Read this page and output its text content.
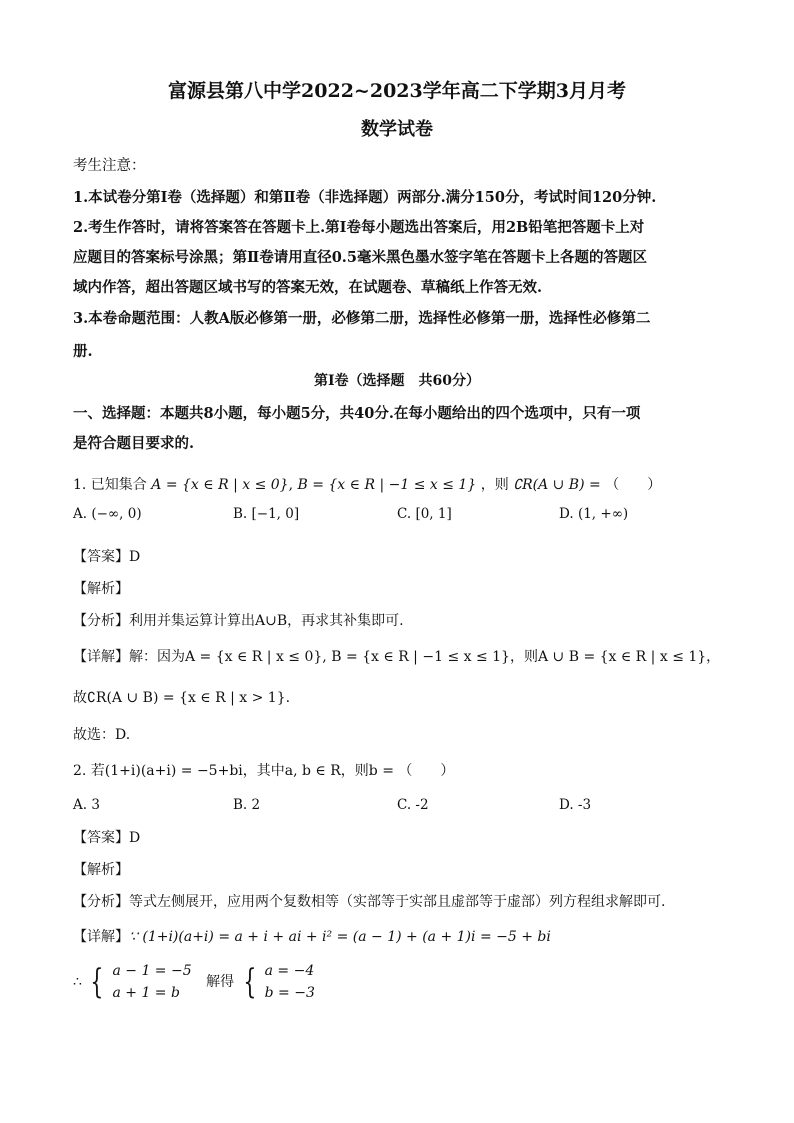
富源县第八中学2022~2023学年高二下学期3月月考
数学试卷
考生注意：
1.本试卷分第Ⅰ卷（选择题）和第Ⅱ卷（非选择题）两部分.满分150分，考试时间120分钟.
2.考生作答时，请将答案答在答题卡上.第Ⅰ卷每小题选出答案后，用2B铅笔把答题卡上对
应题目的答案标号涂黑；第Ⅱ卷请用直径0.5毫米黑色墨水签字笔在答题卡上各题的答题区
域内作答，超出答题区域书写的答案无效，在试题卷、草稿纸上作答无效.
3.本卷命题范围：人教A版必修第一册，必修第二册，选择性必修第一册，选择性必修第二
册.
第Ⅰ卷（选择题　共60分）
一、选择题：本题共8小题，每小题5分，共40分.在每小题给出的四个选项中，只有一项
是符合题目要求的.
1. 已知集合 A = {x ∈ R | x ≤ 0}, B = {x ∈ R | −1 ≤ x ≤ 1} ，则 ∁R(A ∪ B) = （　　）
A. (−∞, 0)	B. [−1, 0]	C. [0, 1]	D. (1, +∞)
【答案】D
【解析】
【分析】利用并集运算计算出A∪B，再求其补集即可.
【详解】解：因为A = {x ∈ R | x ≤ 0}, B = {x ∈ R | −1 ≤ x ≤ 1}，则A ∪ B = {x ∈ R | x ≤ 1}，
故∁R(A ∪ B) = {x ∈ R | x > 1}.
故选：D.
2. 若(1+i)(a+i) = −5+bi，其中a, b ∈ R，则b = （　　）
A. 3	B. 2	C. -2	D. -3
【答案】D
【解析】
【分析】等式左侧展开，应用两个复数相等（实部等于实部且虚部等于虚部）列方程组求解即可.
【详解】∵ (1+i)(a+i) = a + i + ai + i² = (a − 1) + (a + 1)i = −5 + bi
∴ { a − 1 = −5
a + 1 = b
解得 { a = −4
b = −3
